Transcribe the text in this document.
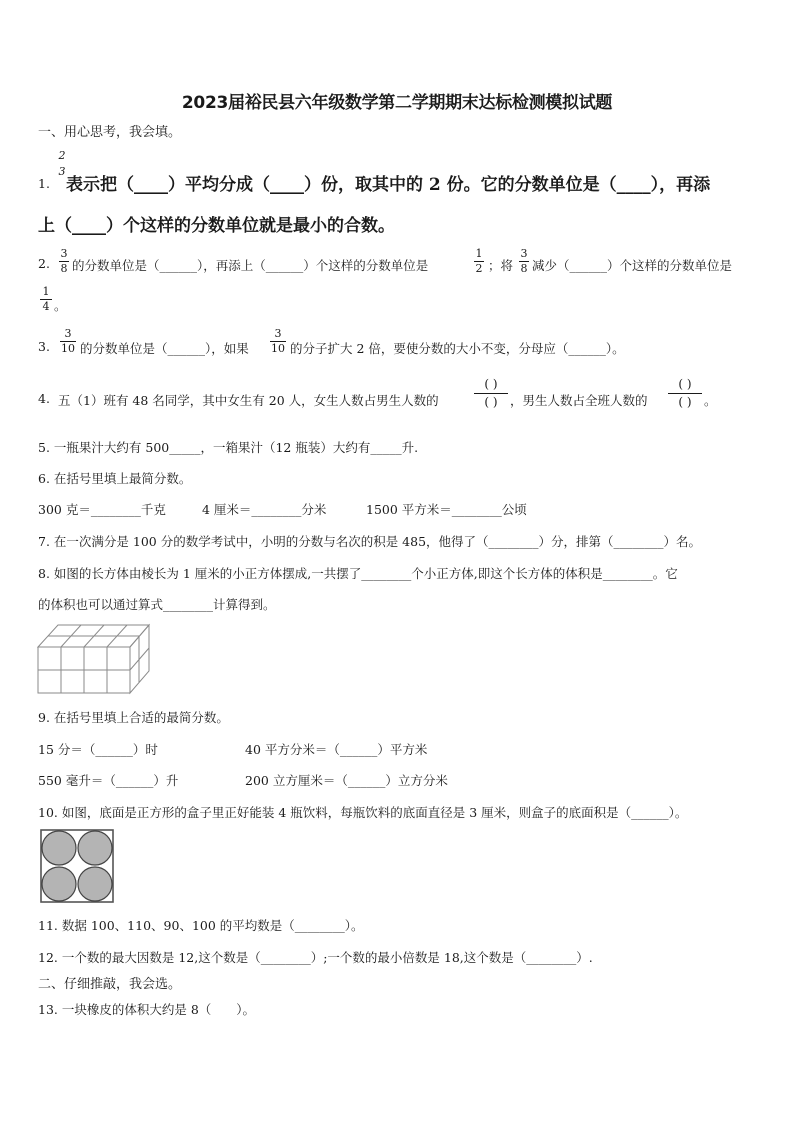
2023届裕民县六年级数学第二学期期末达标检测模拟试题
一、用心思考，我会填。
1.
2
3
表示把（____）平均分成（____）份，取其中的 2 份。它的分数单位是（____），再添
上（____）个这样的分数单位就是最小的合数。
2.
3
8 的分数单位是（______），再添上（______）个这样的分数单位是
1
2 ；将
3
8 减少（______）个这样的分数单位是
1
4 。
3.
3
10 的分数单位是（______），如果
3
10 的分子扩大 2 倍，要使分数的大小不变，分母应（______）。
4. 五（1）班有 48 名同学，其中女生有 20 人，女生人数占男生人数的
( )
( ) ，男生人数占全班人数的
( )
( ) 。
5. 一瓶果汁大约有 500_____，一箱果汁（12 瓶装）大约有_____升.
6. 在括号里填上最简分数。
300 克＝________千克	4 厘米＝________分米	1500 平方米＝________公顷
7. 在一次满分是 100 分的数学考试中，小明的分数与名次的积是 485，他得了（________）分，排第（________）名。
8. 如图的长方体由棱长为 1 厘米的小正方体摆成,一共摆了________个小正方体,即这个长方体的体积是________。它
的体积也可以通过算式________计算得到。
9. 在括号里填上合适的最简分数。
15 分＝（______）时	40 平方分米＝（______）平方米
550 毫升＝（______）升	200 立方厘米＝（______）立方分米
10. 如图，底面是正方形的盒子里正好能装 4 瓶饮料，每瓶饮料的底面直径是 3 厘米，则盒子的底面积是（______）。
11. 数据 100、110、90、100 的平均数是（________）。
12. 一个数的最大因数是 12,这个数是（________）;一个数的最小倍数是 18,这个数是（________）.
二、仔细推敲，我会选。
13. 一块橡皮的体积大约是 8（　　）。
